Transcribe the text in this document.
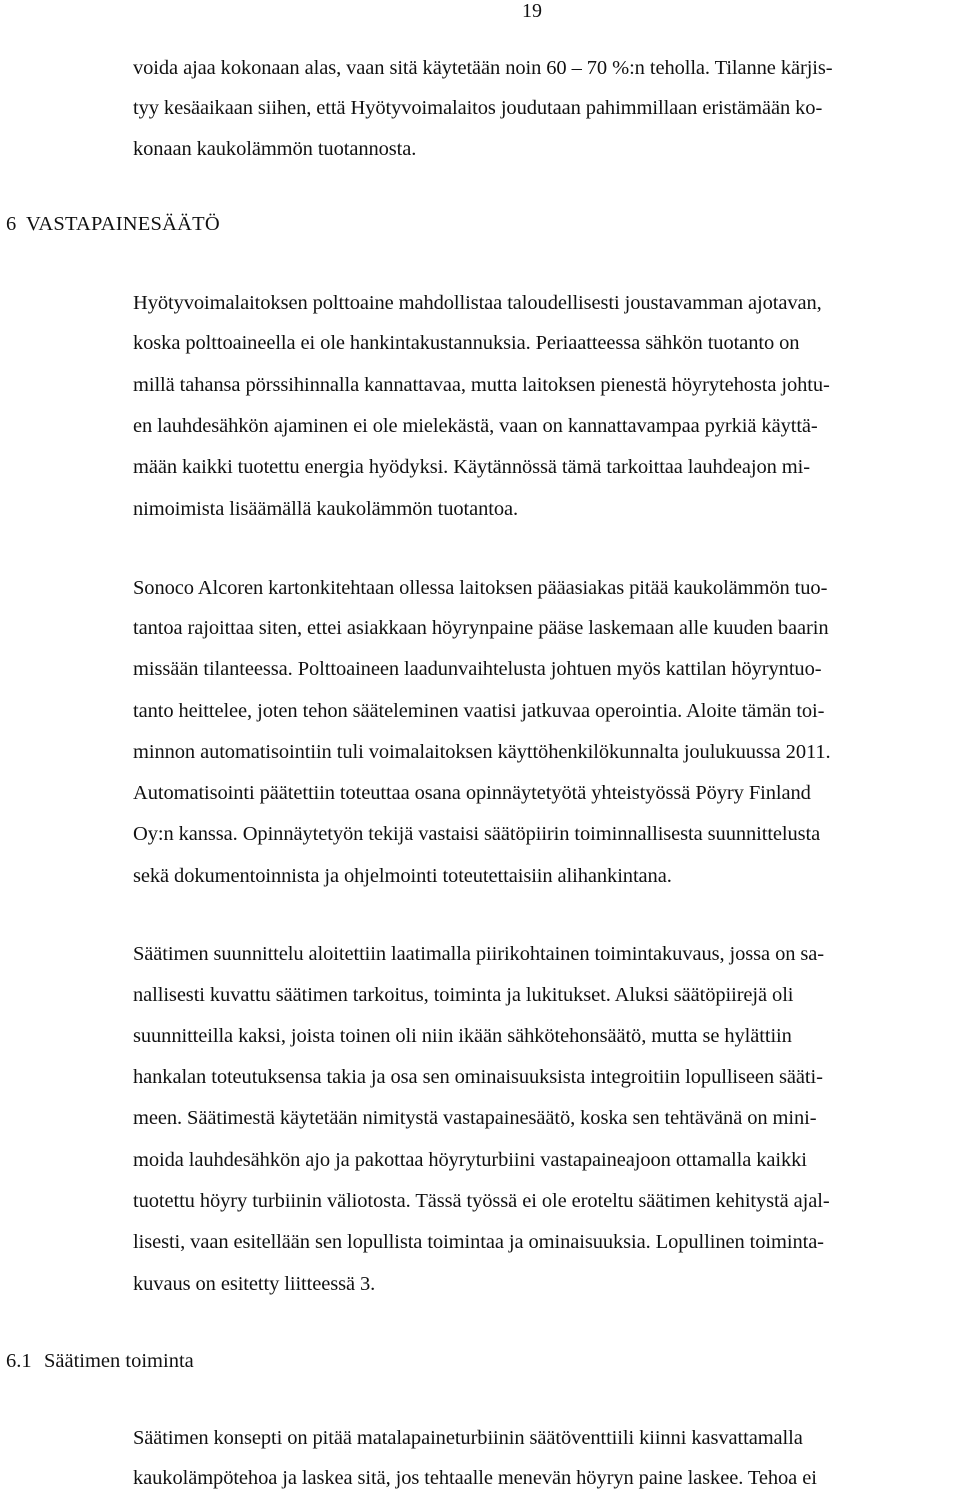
19
voida ajaa kokonaan alas, vaan sitä käytetään noin 60 – 70 %:n teholla. Tilanne kärjis-
tyy kesäaikaan siihen, että Hyötyvoimalaitos joudutaan pahimmillaan eristämään ko-
konaan kaukolämmön tuotannosta.
6 VASTAPAINESÄÄTÖ
Hyötyvoimalaitoksen polttoaine mahdollistaa taloudellisesti joustavamman ajotavan,
koska polttoaineella ei ole hankintakustannuksia. Periaatteessa sähkön tuotanto on
millä tahansa pörssihinnalla kannattavaa, mutta laitoksen pienestä höyrytehosta johtu-
en lauhdesähkön ajaminen ei ole mielekästä, vaan on kannattavampaa pyrkiä käyttä-
mään kaikki tuotettu energia hyödyksi. Käytännössä tämä tarkoittaa lauhdeajon mi-
nimoimista lisäämällä kaukolämmön tuotantoa.
Sonoco Alcoren kartonkitehtaan ollessa laitoksen pääasiakas pitää kaukolämmön tuo-
tantoa rajoittaa siten, ettei asiakkaan höyrynpaine pääse laskemaan alle kuuden baarin
missään tilanteessa. Polttoaineen laadunvaihtelusta johtuen myös kattilan höyryntuo-
tanto heittelee, joten tehon sääteleminen vaatisi jatkuvaa operointia. Aloite tämän toi-
minnon automatisointiin tuli voimalaitoksen käyttöhenkilökunnalta joulukuussa 2011.
Automatisointi päätettiin toteuttaa osana opinnäytetyötä yhteistyössä Pöyry Finland
Oy:n kanssa. Opinnäytetyön tekijä vastaisi säätöpiirin toiminnallisesta suunnittelusta
sekä dokumentoinnista ja ohjelmointi toteutettaisiin alihankintana.
Säätimen suunnittelu aloitettiin laatimalla piirikohtainen toimintakuvaus, jossa on sa-
nallisesti kuvattu säätimen tarkoitus, toiminta ja lukitukset. Aluksi säätöpiirejä oli
suunnitteilla kaksi, joista toinen oli niin ikään sähkötehonsäätö, mutta se hylättiin
hankalan toteutuksensa takia ja osa sen ominaisuuksista integroitiin lopulliseen sääti-
meen. Säätimestä käytetään nimitystä vastapainesäätö, koska sen tehtävänä on mini-
moida lauhdesähkön ajo ja pakottaa höyryturbiini vastapaineajoon ottamalla kaikki
tuotettu höyry turbiinin väliotosta. Tässä työssä ei ole eroteltu säätimen kehitystä ajal-
lisesti, vaan esitellään sen lopullista toimintaa ja ominaisuuksia. Lopullinen toiminta-
kuvaus on esitetty liitteessä 3.
6.1 Säätimen toiminta
Säätimen konsepti on pitää matalapaineturbiinin säätöventtiili kiinni kasvattamalla
kaukolämpötehoa ja laskea sitä, jos tehtaalle menevän höyryn paine laskee. Tehoa ei
